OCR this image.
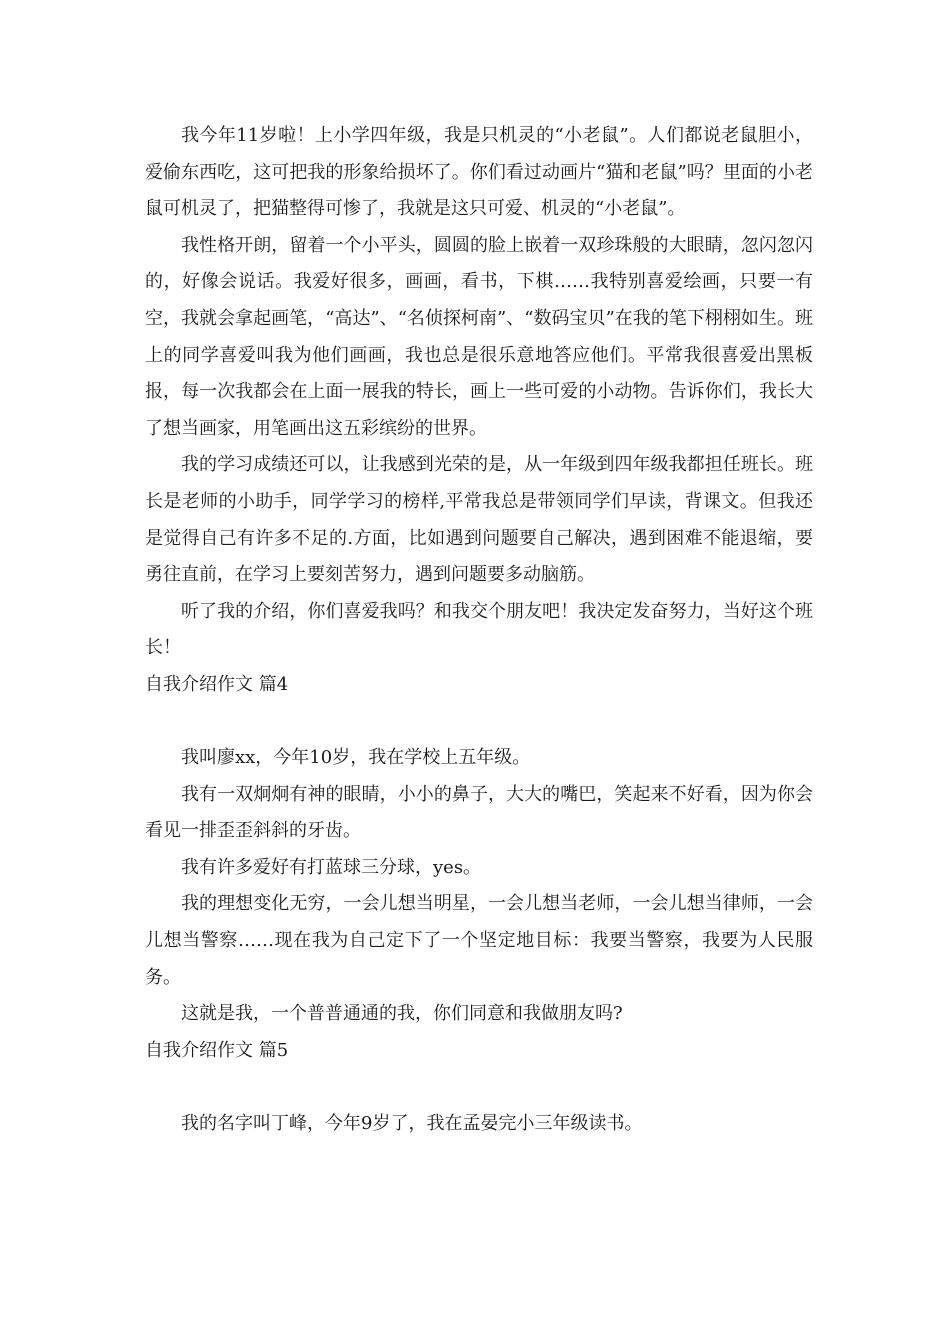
我今年11岁啦！上小学四年级，我是只机灵的“小老鼠”。人们都说老鼠胆小，爱偷东西吃，这可把我的形象给损坏了。你们看过动画片“猫和老鼠”吗？里面的小老鼠可机灵了，把猫整得可惨了，我就是这只可爱、机灵的“小老鼠”。

我性格开朗，留着一个小平头，圆圆的脸上嵌着一双珍珠般的大眼睛，忽闪忽闪的，好像会说话。我爱好很多，画画，看书，下棋……我特别喜爱绘画，只要一有空，我就会拿起画笔，“高达”、“名侦探柯南”、“数码宝贝”在我的笔下栩栩如生。班上的同学喜爱叫我为他们画画，我也总是很乐意地答应他们。平常我很喜爱出黑板报，每一次我都会在上面一展我的特长，画上一些可爱的小动物。告诉你们，我长大了想当画家，用笔画出这五彩缤纷的世界。

我的学习成绩还可以，让我感到光荣的是，从一年级到四年级我都担任班长。班长是老师的小助手，同学学习的榜样,平常我总是带领同学们早读，背课文。但我还是觉得自己有许多不足的.方面，比如遇到问题要自己解决，遇到困难不能退缩，要勇往直前，在学习上要刻苦努力，遇到问题要多动脑筋。

听了我的介绍，你们喜爱我吗？和我交个朋友吧！我决定发奋努力，当好这个班长！

自我介绍作文 篇4

我叫廖xx，今年10岁，我在学校上五年级。

我有一双炯炯有神的眼睛，小小的鼻子，大大的嘴巴，笑起来不好看，因为你会看见一排歪歪斜斜的牙齿。

我有许多爱好有打蓝球三分球，yes。

我的理想变化无穷，一会儿想当明星，一会儿想当老师，一会儿想当律师，一会儿想当警察……现在我为自己定下了一个坚定地目标：我要当警察，我要为人民服务。

这就是我，一个普普通通的我，你们同意和我做朋友吗?

自我介绍作文 篇5

我的名字叫丁峰，今年9岁了，我在孟晏完小三年级读书。
